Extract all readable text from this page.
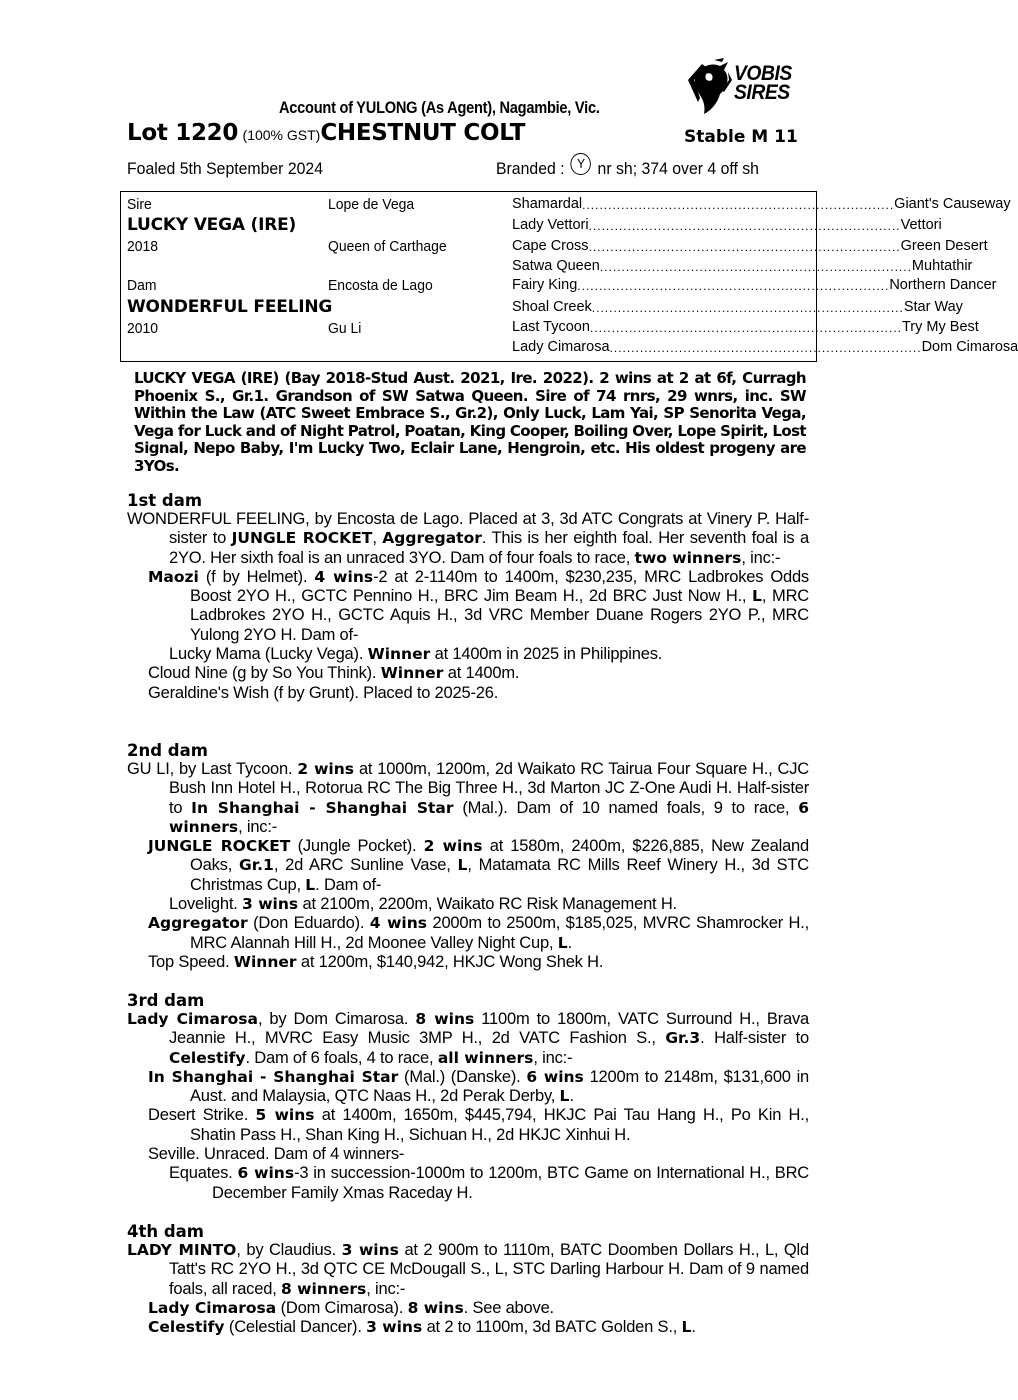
VOBIS
SIRES
Account of YULONG (As Agent), Nagambie, Vic.
Lot 1220 (100% GST)CHESTNUT COLT	Stable M 11
Foaled 5th September 2024	Branded : Y nr sh; 374 over 4 off sh
Sire
LUCKY VEGA (IRE)
2018
Lope de Vega
Queen of Carthage
Dam
WONDERFUL FEELING
2010
Encosta de Lago
Gu Li
Shamardal ........................................................................ Giant's Causeway
Lady Vettori ........................................................................ Vettori
Cape Cross ........................................................................ Green Desert
Satwa Queen ........................................................................ Muhtathir
Fairy King ........................................................................ Northern Dancer
Shoal Creek ........................................................................ Star Way
Last Tycoon ........................................................................ Try My Best
Lady Cimarosa ........................................................................ Dom Cimarosa
LUCKY VEGA (IRE) (Bay 2018-Stud Aust. 2021, Ire. 2022). 2 wins at 2 at 6f, Curragh Phoenix S., Gr.1. Grandson of SW Satwa Queen. Sire of 74 rnrs, 29 wnrs, inc. SW Within the Law (ATC Sweet Embrace S., Gr.2), Only Luck, Lam Yai, SP Senorita Vega, Vega for Luck and of Night Patrol, Poatan, King Cooper, Boiling Over, Lope Spirit, Lost Signal, Nepo Baby, I'm Lucky Two, Eclair Lane, Hengroin, etc. His oldest progeny are 3YOs.
1st dam
WONDERFUL FEELING, by Encosta de Lago. Placed at 3, 3d ATC Congrats at Vinery P. Half-sister to JUNGLE ROCKET, Aggregator. This is her eighth foal. Her seventh foal is a 2YO. Her sixth foal is an unraced 3YO. Dam of four foals to race, two winners, inc:-
Maozi (f by Helmet). 4 wins-2 at 2-1140m to 1400m, $230,235, MRC Ladbrokes Odds Boost 2YO H., GCTC Pennino H., BRC Jim Beam H., 2d BRC Just Now H., L, MRC Ladbrokes 2YO H., GCTC Aquis H., 3d VRC Member Duane Rogers 2YO P., MRC Yulong 2YO H. Dam of-
Lucky Mama (Lucky Vega). Winner at 1400m in 2025 in Philippines.
Cloud Nine (g by So You Think). Winner at 1400m.
Geraldine's Wish (f by Grunt). Placed to 2025-26.
2nd dam
GU LI, by Last Tycoon. 2 wins at 1000m, 1200m, 2d Waikato RC Tairua Four Square H., CJC Bush Inn Hotel H., Rotorua RC The Big Three H., 3d Marton JC Z-One Audi H. Half-sister to In Shanghai - Shanghai Star (Mal.). Dam of 10 named foals, 9 to race, 6 winners, inc:-
JUNGLE ROCKET (Jungle Pocket). 2 wins at 1580m, 2400m, $226,885, New Zealand Oaks, Gr.1, 2d ARC Sunline Vase, L, Matamata RC Mills Reef Winery H., 3d STC Christmas Cup, L. Dam of-
Lovelight. 3 wins at 2100m, 2200m, Waikato RC Risk Management H.
Aggregator (Don Eduardo). 4 wins 2000m to 2500m, $185,025, MVRC Shamrocker H., MRC Alannah Hill H., 2d Moonee Valley Night Cup, L.
Top Speed. Winner at 1200m, $140,942, HKJC Wong Shek H.
3rd dam
Lady Cimarosa, by Dom Cimarosa. 8 wins 1100m to 1800m, VATC Surround H., Brava Jeannie H., MVRC Easy Music 3MP H., 2d VATC Fashion S., Gr.3. Half-sister to Celestify. Dam of 6 foals, 4 to race, all winners, inc:-
In Shanghai - Shanghai Star (Mal.) (Danske). 6 wins 1200m to 2148m, $131,600 in Aust. and Malaysia, QTC Naas H., 2d Perak Derby, L.
Desert Strike. 5 wins at 1400m, 1650m, $445,794, HKJC Pai Tau Hang H., Po Kin H., Shatin Pass H., Shan King H., Sichuan H., 2d HKJC Xinhui H.
Seville. Unraced. Dam of 4 winners-
Equates. 6 wins-3 in succession-1000m to 1200m, BTC Game on International H., BRC December Family Xmas Raceday H.
4th dam
LADY MINTO, by Claudius. 3 wins at 2 900m to 1110m, BATC Doomben Dollars H., L, Qld Tatt's RC 2YO H., 3d QTC CE McDougall S., L, STC Darling Harbour H. Dam of 9 named foals, all raced, 8 winners, inc:-
Lady Cimarosa (Dom Cimarosa). 8 wins. See above.
Celestify (Celestial Dancer). 3 wins at 2 to 1100m, 3d BATC Golden S., L.
